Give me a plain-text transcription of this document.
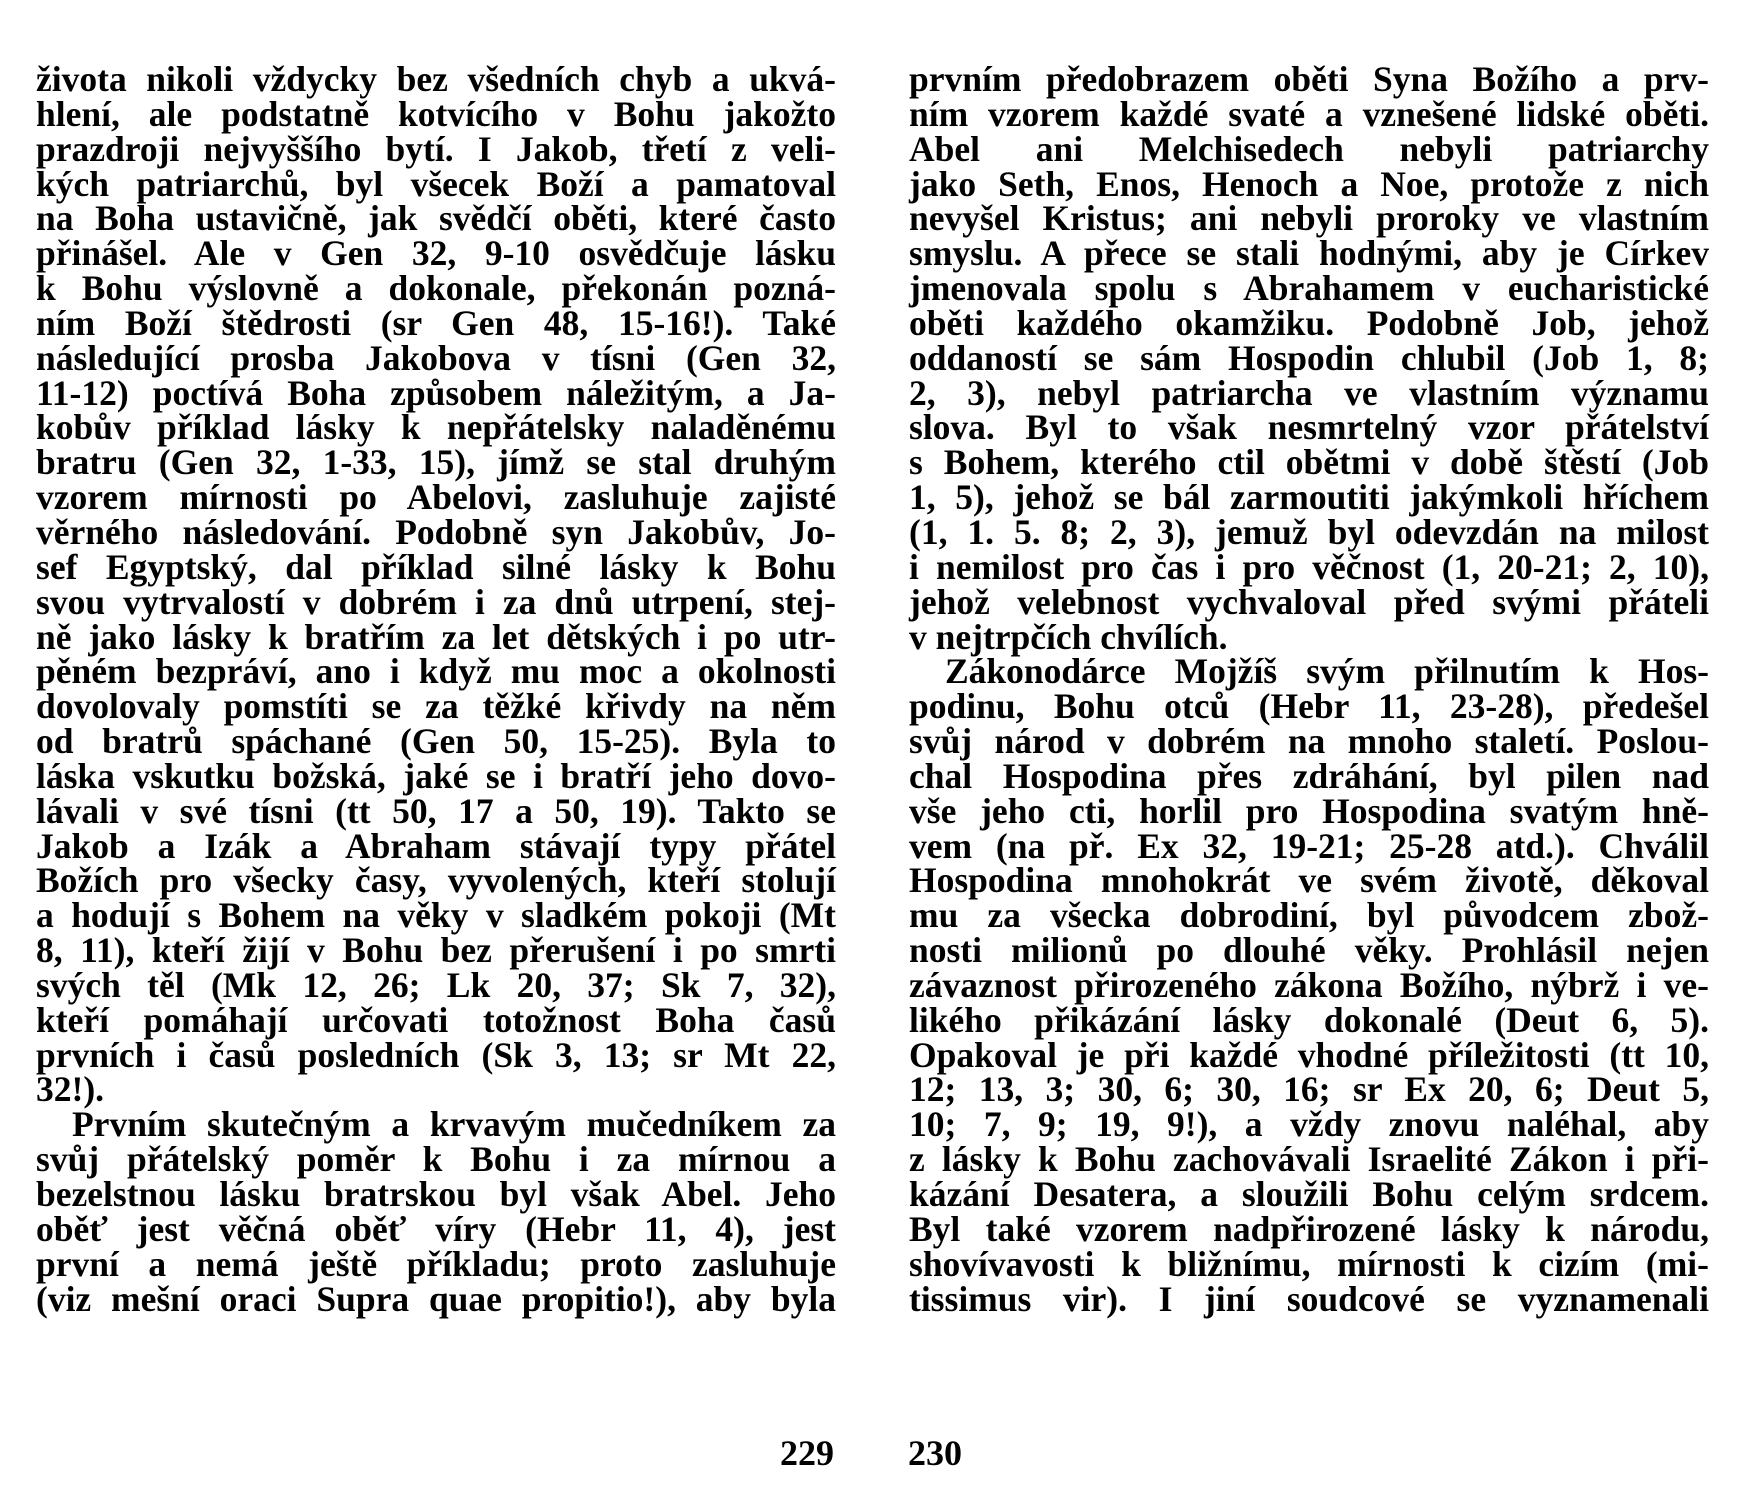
života nikoli vždycky bez všedních chyb a ukvá-
hlení, ale podstatně kotvícího v Bohu jakožto
prazdroji nejvyššího bytí. I Jakob, třetí z veli-
kých patriarchů, byl všecek Boží a pamatoval
na Boha ustavičně, jak svědčí oběti, které často
přinášel. Ale v Gen 32, 9-10 osvědčuje lásku
k Bohu výslovně a dokonale, překonán pozná-
ním Boží štědrosti (sr Gen 48, 15-16!). Také
následující prosba Jakobova v tísni (Gen 32,
11-12) poctívá Boha způsobem náležitým, a Ja-
kobův příklad lásky k nepřátelsky naladěnému
bratru (Gen 32, 1-33, 15), jímž se stal druhým
vzorem mírnosti po Abelovi, zasluhuje zajisté
věrného následování. Podobně syn Jakobův, Jo-
sef Egyptský, dal příklad silné lásky k Bohu
svou vytrvalostí v dobrém i za dnů utrpení, stej-
ně jako lásky k bratřím za let dětských i po utr-
pěném bezpráví, ano i když mu moc a okolnosti
dovolovaly pomstíti se za těžké křivdy na něm
od bratrů spáchané (Gen 50, 15-25). Byla to
láska vskutku božská, jaké se i bratří jeho dovo-
lávali v své tísni (tt 50, 17 a 50, 19). Takto se
Jakob a Izák a Abraham stávají typy přátel
Božích pro všecky časy, vyvolených, kteří stolují
a hodují s Bohem na věky v sladkém pokoji (Mt
8, 11), kteří žijí v Bohu bez přerušení i po smrti
svých těl (Mk 12, 26; Lk 20, 37; Sk 7, 32),
kteří pomáhají určovati totožnost Boha časů
prvních i časů posledních (Sk 3, 13; sr Mt 22,
32!).
Prvním skutečným a krvavým mučedníkem za
svůj přátelský poměr k Bohu i za mírnou a
bezelstnou lásku bratrskou byl však Abel. Jeho
oběť jest věčná oběť víry (Hebr 11, 4), jest
první a nemá ještě příkladu; proto zasluhuje
(viz mešní oraci Supra quae propitio!), aby byla
prvním předobrazem oběti Syna Božího a prv-
ním vzorem každé svaté a vznešené lidské oběti.
Abel ani Melchisedech nebyli patriarchy
jako Seth, Enos, Henoch a Noe, protože z nich
nevyšel Kristus; ani nebyli proroky ve vlastním
smyslu. A přece se stali hodnými, aby je Církev
jmenovala spolu s Abrahamem v eucharistické
oběti každého okamžiku. Podobně Job, jehož
oddaností se sám Hospodin chlubil (Job 1, 8;
2, 3), nebyl patriarcha ve vlastním významu
slova. Byl to však nesmrtelný vzor přátelství
s Bohem, kterého ctil obětmi v době štěstí (Job
1, 5), jehož se bál zarmoutiti jakýmkoli hříchem
(1, 1. 5. 8; 2, 3), jemuž byl odevzdán na milost
i nemilost pro čas i pro věčnost (1, 20-21; 2, 10),
jehož velebnost vychvaloval před svými přáteli
v nejtrpčích chvílích.
Zákonodárce Mojžíš svým přilnutím k Hos-
podinu, Bohu otců (Hebr 11, 23-28), předešel
svůj národ v dobrém na mnoho staletí. Poslou-
chal Hospodina přes zdráhání, byl pilen nad
vše jeho cti, horlil pro Hospodina svatým hně-
vem (na př. Ex 32, 19-21; 25-28 atd.). Chválil
Hospodina mnohokrát ve svém životě, děkoval
mu za všecka dobrodiní, byl původcem zbož-
nosti milionů po dlouhé věky. Prohlásil nejen
závaznost přirozeného zákona Božího, nýbrž i ve-
likého přikázání lásky dokonalé (Deut 6, 5).
Opakoval je při každé vhodné příležitosti (tt 10,
12; 13, 3; 30, 6; 30, 16; sr Ex 20, 6; Deut 5,
10; 7, 9; 19, 9!), a vždy znovu naléhal, aby
z lásky k Bohu zachovávali Israelité Zákon i při-
kázání Desatera, a sloužili Bohu celým srdcem.
Byl také vzorem nadpřirozené lásky k národu,
shovívavosti k bližnímu, mírnosti k cizím (mi-
tissimus vir). I jiní soudcové se vyznamenali
229 230
